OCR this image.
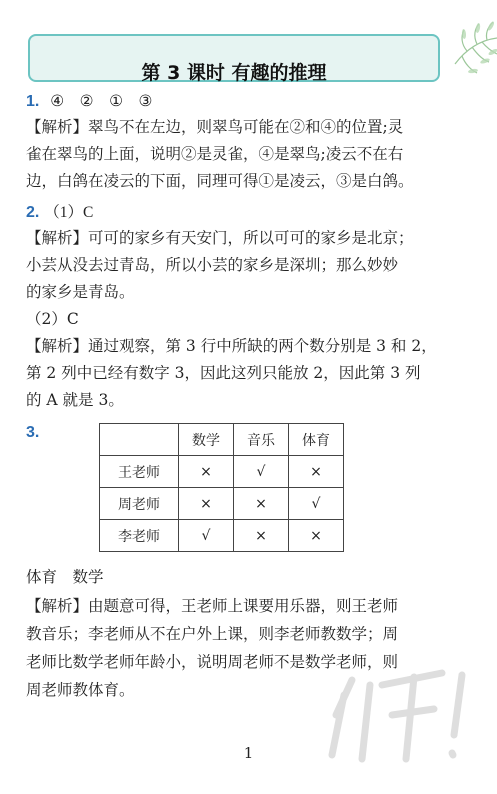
第 3 课时 有趣的推理
1. ④　②　①　③
【解析】翠鸟不在左边，则翠鸟可能在②和④的位置;灵
雀在翠鸟的上面，说明②是灵雀，④是翠鸟;凌云不在右
边，白鸽在凌云的下面，同理可得①是凌云，③是白鸽。
2. （1）C
【解析】可可的家乡有天安门，所以可可的家乡是北京；
小芸从没去过青岛，所以小芸的家乡是深圳；那么妙妙
的家乡是青岛。
（2）C
【解析】通过观察，第 3 行中所缺的两个数分别是 3 和 2，
第 2 列中已经有数字 3，因此这列只能放 2，因此第 3 列
的 A 就是 3。
3.
		数学	音乐	体育
王老师	×	√	×
周老师	×	×	√
李老师	√	×	×
体育　数学
【解析】由题意可得，王老师上课要用乐器，则王老师
教音乐；李老师从不在户外上课，则李老师教数学；周
老师比数学老师年龄小，说明周老师不是数学老师，则
周老师教体育。
1
